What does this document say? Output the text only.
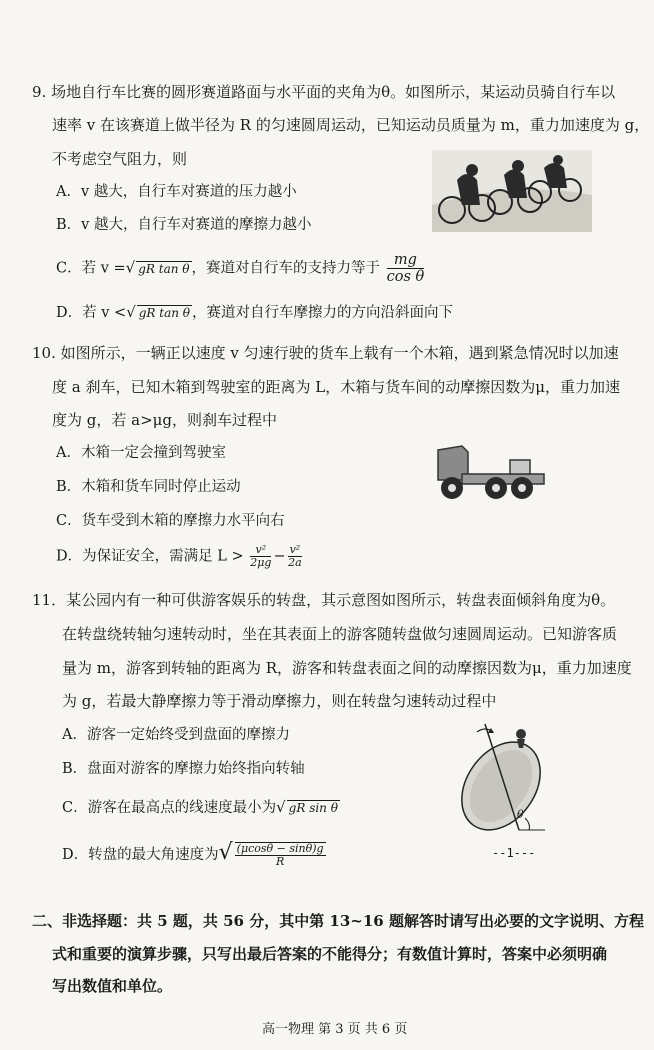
9. 场地自行车比赛的圆形赛道路面与水平面的夹角为θ。如图所示，某运动员骑自行车以
速率 v 在该赛道上做半径为 R 的匀速圆周运动，已知运动员质量为 m，重力加速度为 g，
不考虑空气阻力，则
A．v 越大，自行车对赛道的压力越小
B．v 越大，自行车对赛道的摩擦力越小
C．若 v =√ gR tan θ ，赛道对自行车的支持力等于 $\frac{mg}{\text{cos θ}}$
D．若 v <√ gR tan θ ，赛道对自行车摩擦力的方向沿斜面向下
10. 如图所示，一辆正以速度 v 匀速行驶的货车上载有一个木箱，遇到紧急情况时以加速
度 a 刹车，已知木箱到驾驶室的距离为 L，木箱与货车间的动摩擦因数为μ，重力加速
度为 g，若 a>μg，则刹车过程中
A．木箱一定会撞到驾驶室
B．木箱和货车同时停止运动
C．货车受到木箱的摩擦力水平向右
D．为保证安全，需满足 $L > \frac{\text{v²}}{2\mu g} - \frac{\text{v²}}{2a}$
11．某公园内有一种可供游客娱乐的转盘，其示意图如图所示，转盘表面倾斜角度为θ。
在转盘绕转轴匀速转动时，坐在其表面上的游客随转盘做匀速圆周运动。已知游客质
量为 m，游客到转轴的距离为 R，游客和转盘表面之间的动摩擦因数为μ，重力加速度
为 g，若最大静摩擦力等于滑动摩擦力，则在转盘匀速转动过程中
A．游客一定始终受到盘面的摩擦力
B．盘面对游客的摩擦力始终指向转轴
C．游客在最高点的线速度最小为√ gR sin θ
D．转盘的最大角速度为√ $\frac{(\mu\cos\theta - \sin\theta)g}{R}$
θ
--1---
二、非选择题：共 5 题，共 56 分，其中第 13~16 题解答时请写出必要的文字说明、方程
式和重要的演算步骤，只写出最后答案的不能得分；有数值计算时，答案中必须明确
写出数值和单位。
高一物理 第 3 页 共 6 页
